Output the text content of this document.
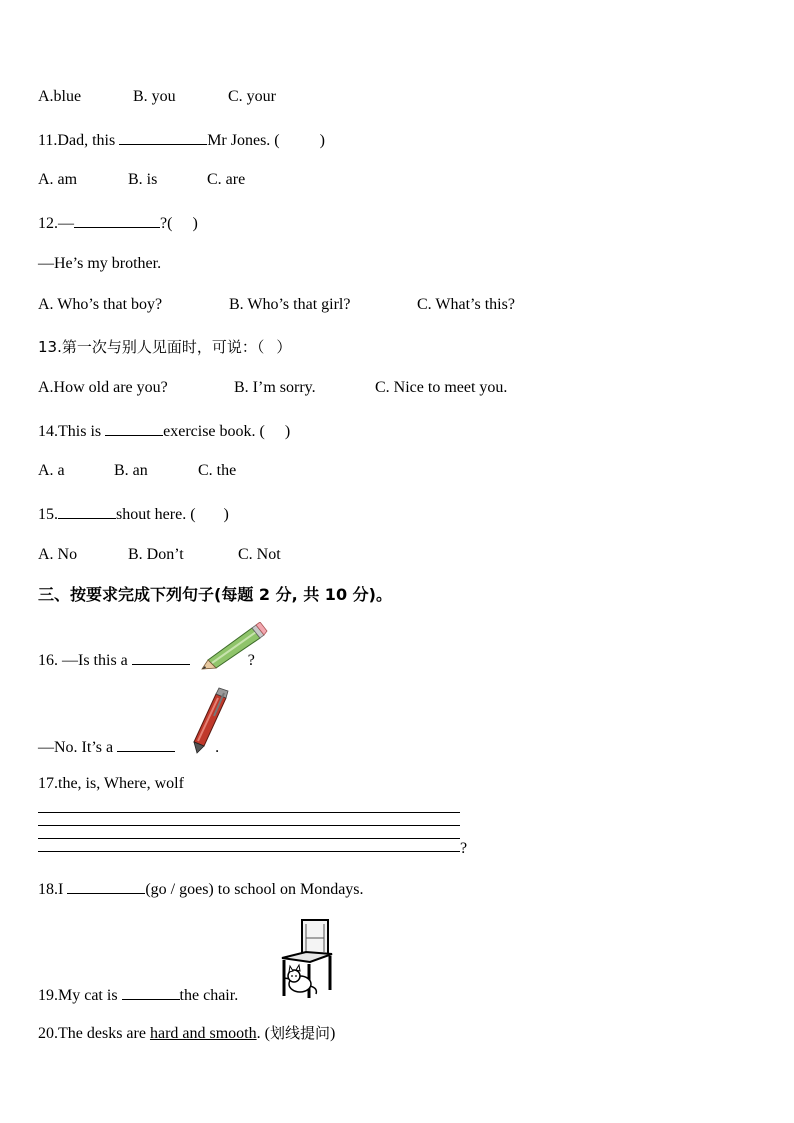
A.blue	B. you	C. your
11.Dad, this	Mr Jones. (	)
A. am	B. is	C. are
12.—	?( )
—He’s my brother.
A. Who’s that boy?	B. Who’s that girl?	C. What’s this?
13.第一次与别人见面时，可说：（ ）
A.How old are you?	B. I’m sorry.	C. Nice to meet you.
14.This is	exercise book. ( )
A. a	B. an	C. the
15.	shout here. ( )
A. No	B. Don’t	C. Not
三、按要求完成下列句子(每题 2 分, 共 10 分)。
16. —Is this a	?
—No. It’s a	.
17.the, is, Where, wolf
?
18.I	(go / goes) to school on Mondays.
19.My cat is	the chair.
20.The desks are hard and smooth. (划线提问)
